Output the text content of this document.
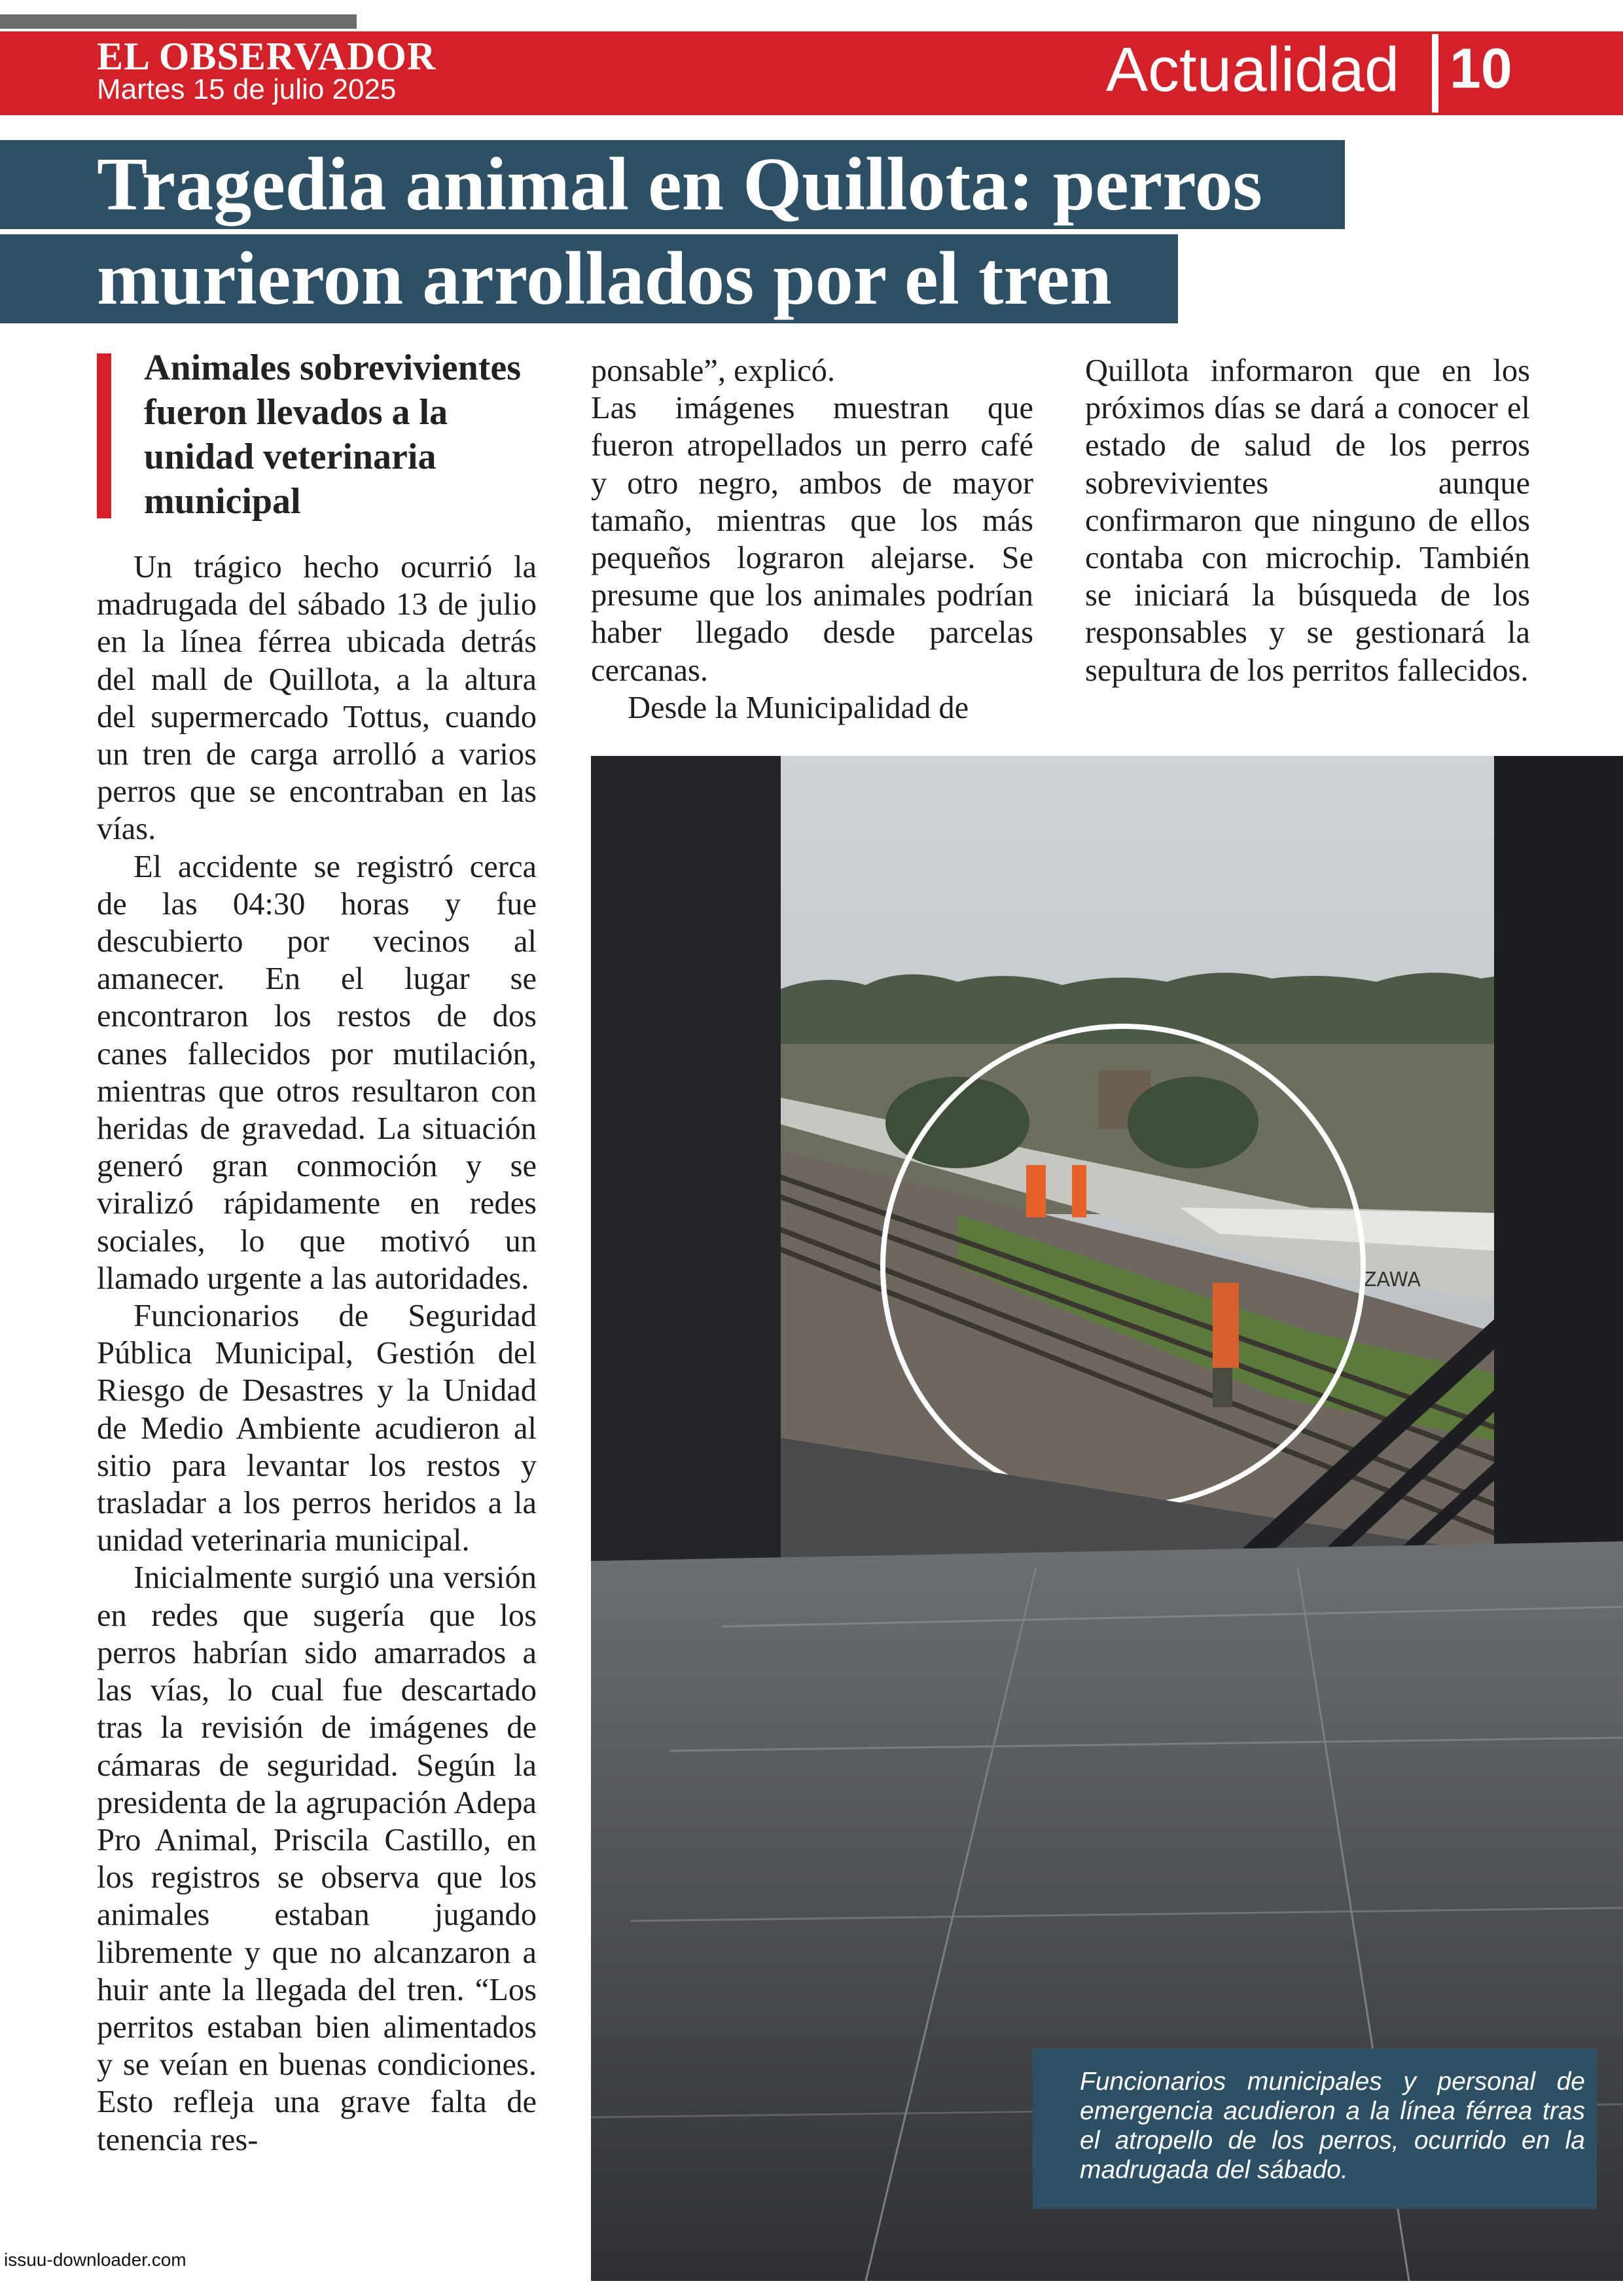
EL OBSERVADOR
Martes 15 de julio 2025	Actualidad 10
Tragedia animal en Quillota: perros
murieron arrollados por el tren
Animales sobrevivientes fueron llevados a la unidad veterinaria municipal

Un trágico hecho ocurrió la madrugada del sábado 13 de julio en la línea férrea ubicada detrás del mall de Quillota, a la altura del supermercado Tottus, cuando un tren de carga arrolló a varios perros que se encontraban en las vías.

El accidente se registró cerca de las 04:30 horas y fue descubierto por vecinos al amanecer. En el lugar se encontraron los restos de dos canes fallecidos por mutilación, mientras que otros resultaron con heridas de gravedad. La situación generó gran conmoción y se viralizó rápidamente en redes sociales, lo que motivó un llamado urgente a las autoridades.

Funcionarios de Seguridad Pública Municipal, Gestión del Riesgo de Desastres y la Unidad de Medio Ambiente acudieron al sitio para levantar los restos y trasladar a los perros heridos a la unidad veterinaria municipal.

Inicialmente surgió una versión en redes que sugería que los perros habrían sido amarrados a las vías, lo cual fue descartado tras la revisión de imágenes de cámaras de seguridad. Según la presidenta de la agrupación Adepa Pro Animal, Priscila Castillo, en los registros se observa que los animales estaban jugando libremente y que no alcanzaron a huir ante la llegada del tren. “Los perritos estaban bien alimentados y se veían en buenas condiciones. Esto refleja una grave falta de tenencia res-

ponsable”, explicó.

Las imágenes muestran que fueron atropellados un perro café y otro negro, ambos de mayor tamaño, mientras que los más pequeños lograron alejarse. Se presume que los animales podrían haber llegado desde parcelas cercanas.

Desde la Municipalidad de

Quillota informaron que en los próximos días se dará a conocer el estado de salud de los perros sobrevivientes aunque confirmaron que ninguno de ellos contaba con microchip. También se iniciará la búsqueda de los responsables y se gestionará la sepultura de los perritos fallecidos.

ZAWA
Funcionarios municipales y personal de emergencia acudieron a la línea férrea tras el atropello de los perros, ocurrido en la madrugada del sábado.
issuu-downloader.com
